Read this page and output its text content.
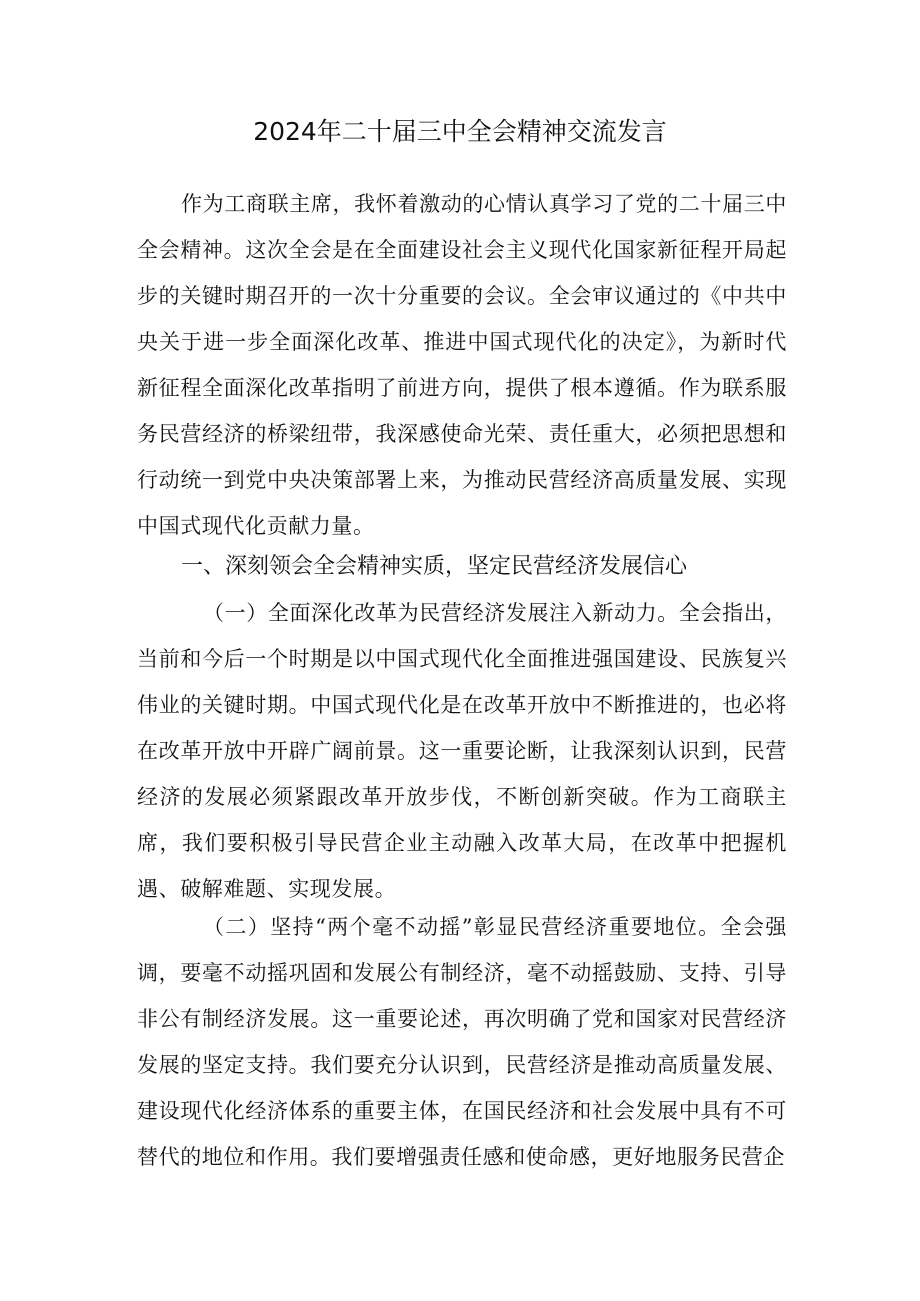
2024年二十届三中全会精神交流发言

作为工商联主席，我怀着激动的心情认真学习了党的二十届三中全会精神。这次全会是在全面建设社会主义现代化国家新征程开局起步的关键时期召开的一次十分重要的会议。全会审议通过的《中共中央关于进一步全面深化改革、推进中国式现代化的决定》，为新时代新征程全面深化改革指明了前进方向，提供了根本遵循。作为联系服务民营经济的桥梁纽带，我深感使命光荣、责任重大，必须把思想和行动统一到党中央决策部署上来，为推动民营经济高质量发展、实现中国式现代化贡献力量。

一、深刻领会全会精神实质，坚定民营经济发展信心

（一）全面深化改革为民营经济发展注入新动力。全会指出，当前和今后一个时期是以中国式现代化全面推进强国建设、民族复兴伟业的关键时期。中国式现代化是在改革开放中不断推进的，也必将在改革开放中开辟广阔前景。这一重要论断，让我深刻认识到，民营经济的发展必须紧跟改革开放步伐，不断创新突破。作为工商联主席，我们要积极引导民营企业主动融入改革大局，在改革中把握机遇、破解难题、实现发展。

（二）坚持“两个毫不动摇”彰显民营经济重要地位。全会强调，要毫不动摇巩固和发展公有制经济，毫不动摇鼓励、支持、引导非公有制经济发展。这一重要论述，再次明确了党和国家对民营经济发展的坚定支持。我们要充分认识到，民营经济是推动高质量发展、建设现代化经济体系的重要主体，在国民经济和社会发展中具有不可替代的地位和作用。我们要增强责任感和使命感，更好地服务民营企
